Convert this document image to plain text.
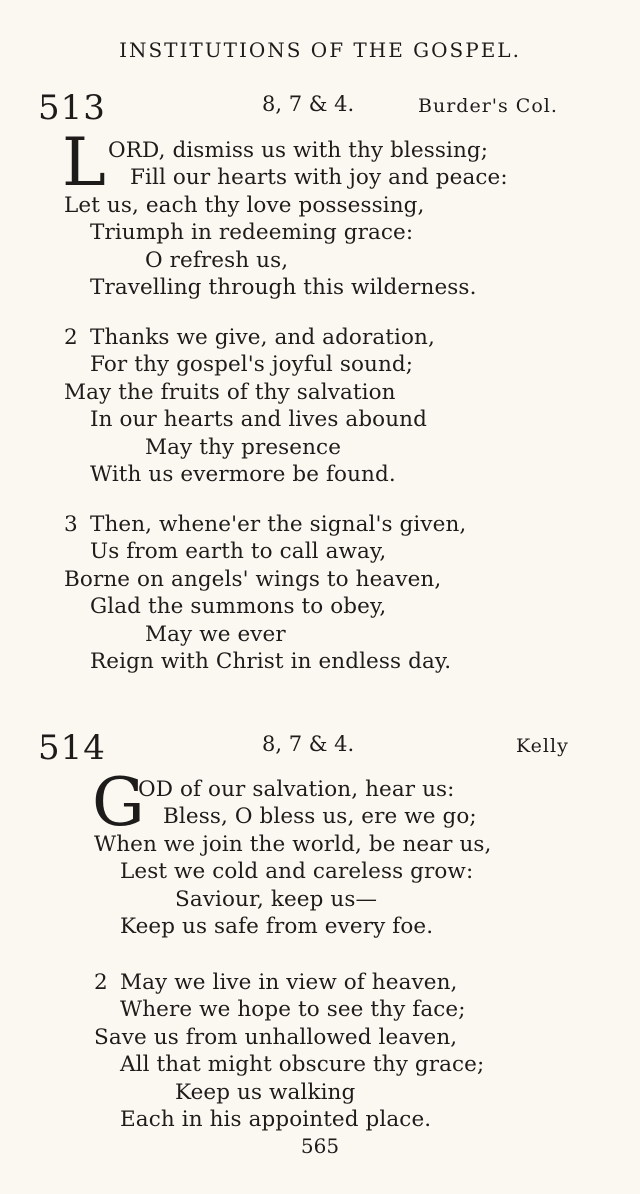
INSTITUTIONS OF THE GOSPEL.
513	8, 7 & 4.	Burder's Col.
L ORD, dismiss us with thy blessing;
Fill our hearts with joy and peace:
Let us, each thy love possessing,
Triumph in redeeming grace:
O refresh us,
Travelling through this wilderness.
2 Thanks we give, and adoration,
For thy gospel's joyful sound;
May the fruits of thy salvation
In our hearts and lives abound
May thy presence
With us evermore be found.
3 Then, whene'er the signal's given,
Us from earth to call away,
Borne on angels' wings to heaven,
Glad the summons to obey,
May we ever
Reign with Christ in endless day.
514	8, 7 & 4.	Kelly
G
OD of our salvation, hear us:
Bless, O bless us, ere we go;
When we join the world, be near us,
Lest we cold and careless grow:
Saviour, keep us—
Keep us safe from every foe.
2 May we live in view of heaven,
Where we hope to see thy face;
Save us from unhallowed leaven,
All that might obscure thy grace;
Keep us walking
Each in his appointed place.
565
